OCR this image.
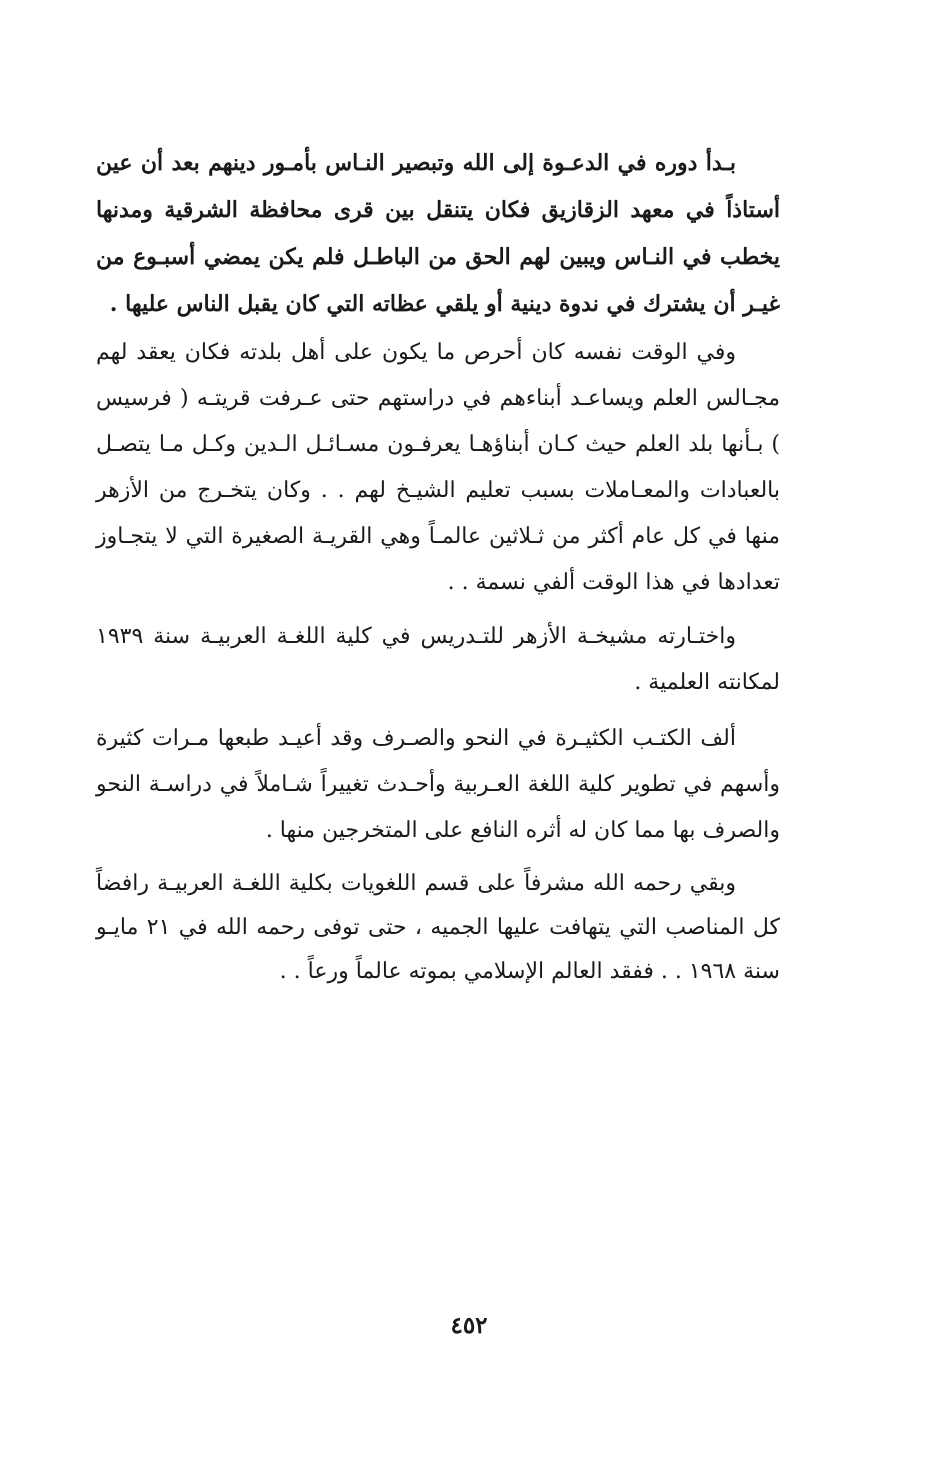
بـدأ دوره في الدعـوة إلى الله وتبصير النـاس بأمـور دينهم بعد أن عين أستاذاً في معهد الزقازيق فكان يتنقل بين قرى محافظة الشرقية ومدنها يخطب في النـاس ويبين لهم الحق من الباطـل فلم يكن يمضي أسبـوع من غيـر أن يشترك في ندوة دينية أو يلقي عظاته التي كان يقبل الناس عليها .

وفي الوقت نفسه كان أحرص ما يكون على أهل بلدته فكان يعقد لهم مجـالس العلم ويساعـد أبناءهم في دراستهم حتى عـرفت قريتـه ( فرسيس ) بـأنها بلد العلم حيث كـان أبناؤهـا يعرفـون مسـائـل الـدين وكـل مـا يتصـل بالعبادات والمعـاملات بسبب تعليم الشيـخ لهم . . وكان يتخـرج من الأزهر منها في كل عام أكثر من ثـلاثين عالمـاً وهي القريـة الصغيرة التي لا يتجـاوز تعدادها في هذا الوقت ألفي نسمة . .

واختـارته مشيخـة الأزهر للتـدريس في كلية اللغـة العربيـة سنة ١٩٣٩ لمكانته العلمية .

ألف الكتـب الكثيـرة في النحو والصـرف وقد أعيـد طبعها مـرات كثيرة وأسهم في تطوير كلية اللغة العـربية وأحـدث تغييراً شـاملاً في دراسـة النحو والصرف بها مما كان له أثره النافع على المتخرجين منها .

وبقي رحمه الله مشرفاً على قسم اللغويات بكلية اللغـة العربيـة رافضاً كل المناصب التي يتهافت عليها الجميه ، حتى توفى رحمه الله في ٢١ مايـو سنة ١٩٦٨ . . ففقد العالم الإسلامي بموته عالماً ورعاً . .

٤٥٢
